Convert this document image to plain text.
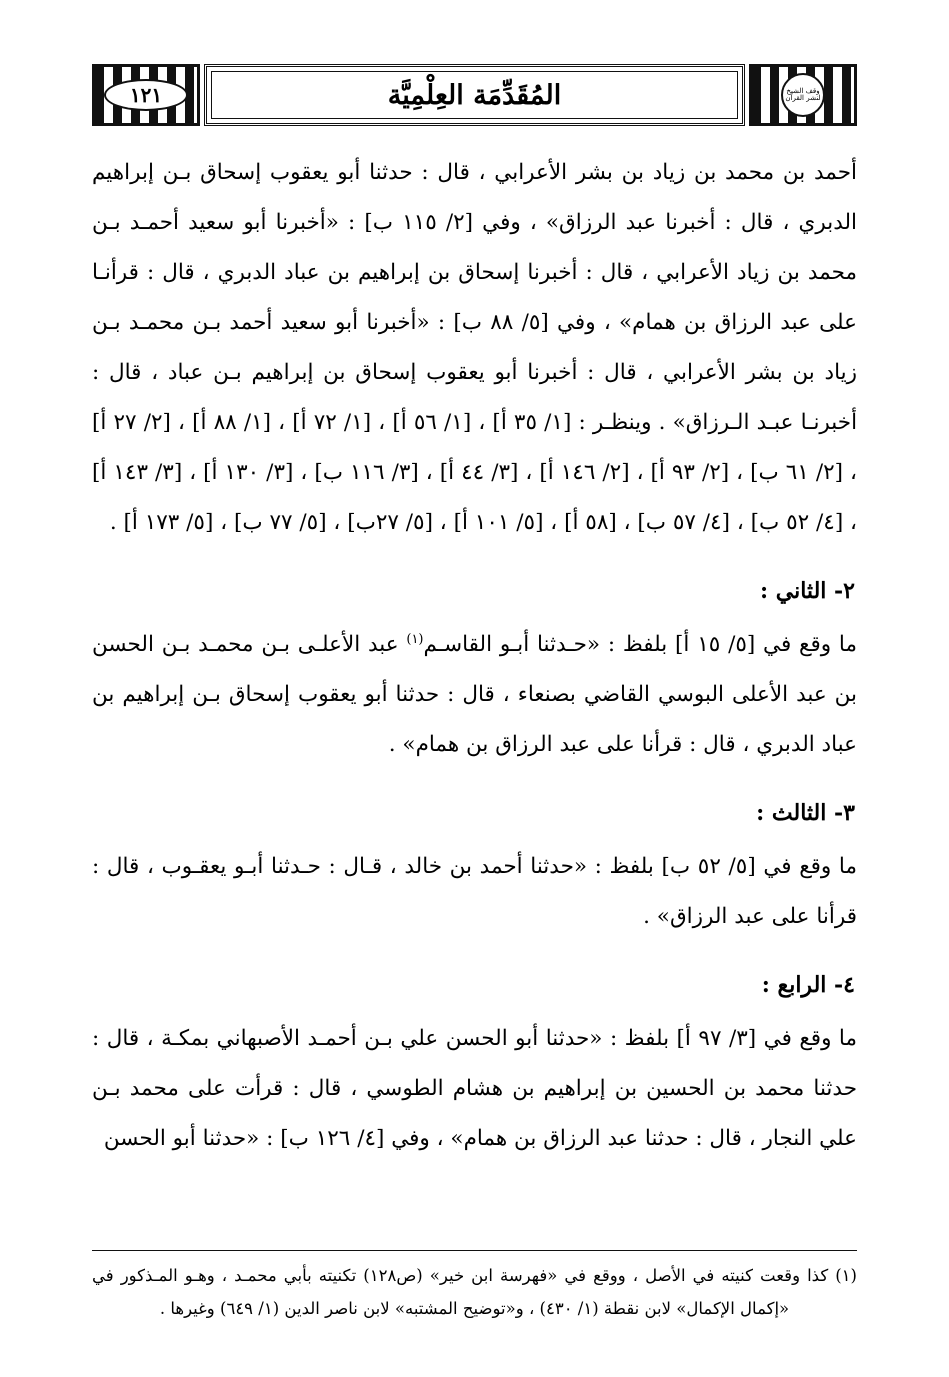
١٢١	المُقَدِّمَة العِلْمِيَّة	وقف الشيخ لنشر القرآن

أحمد بن محمد بن زياد بن بشر الأعرابي ، قال : حدثنا أبو يعقوب إسحاق بـن إبراهيم الدبري ، قال : أخبرنا عبد الرزاق» ، وفي [٢/ ١١٥ ب] : «أخبرنا أبو سعيد أحمـد بـن محمد بن زياد الأعرابي ، قال : أخبرنا إسحاق بن إبراهيم بن عباد الدبري ، قال : قرأنـا على عبد الرزاق بن همام» ، وفي [٥/ ٨٨ ب] : «أخبرنا أبو سعيد أحمد بـن محمـد بـن زياد بن بشر الأعرابي ، قال : أخبرنا أبو يعقوب إسحاق بن إبراهيم بـن عباد ، قال : أخبرنـا عبـد الـرزاق» . وينظـر : [١/ ٣٥ أ] ، [١/ ٥٦ أ] ، [١/ ٧٢ أ] ، [١/ ٨٨ أ] ، [٢/ ٢٧ أ] ، [٢/ ٦١ ب] ، [٢/ ٩٣ أ] ، [٢/ ١٤٦ أ] ، [٣/ ٤٤ أ] ، [٣/ ١١٦ ب] ، [٣/ ١٣٠ أ] ، [٣/ ١٤٣ أ] ، [٤/ ٥٢ ب] ، [٤/ ٥٧ ب] ، [٥٨ أ] ، [٥/ ١٠١ أ] ، [٥/ ٢٧ب] ، [٥/ ٧٧ ب] ، [٥/ ١٧٣ أ] .

٢- الثاني :

ما وقع في [٥/ ١٥ أ] بلفظ : «حـدثنا أبـو القاسـم$^{(١)}$ عبد الأعلـى بـن محمـد بـن الحسن بن عبد الأعلى البوسي القاضي بصنعاء ، قال : حدثنا أبو يعقوب إسحاق بـن إبراهيم بن عباد الدبري ، قال : قرأنا على عبد الرزاق بن همام» .

٣- الثالث :

ما وقع في [٥/ ٥٢ ب] بلفظ : «حدثنا أحمد بن خالد ، قـال : حـدثنا أبـو يعقـوب ، قال : قرأنا على عبد الرزاق» .

٤- الرابع :

ما وقع في [٣/ ٩٧ أ] بلفظ : «حدثنا أبو الحسن علي بـن أحمـد الأصبهاني بمكـة ، قال : حدثنا محمد بن الحسين بن إبراهيم بن هشام الطوسي ، قال : قرأت على محمد بـن علي النجار ، قال : حدثنا عبد الرزاق بن همام» ، وفي [٤/ ١٢٦ ب] : «حدثنا أبو الحسن

(١) كذا وقعت كنيته في الأصل ، ووقع في «فهرسة ابن خير» (ص١٢٨) تكنيته بأبي محمـد ، وهـو المـذكور في «إكمال الإكمال» لابن نقطة (١/ ٤٣٠) ، و«توضيح المشتبه» لابن ناصر الدين (١/ ٦٤٩) وغيرها .
